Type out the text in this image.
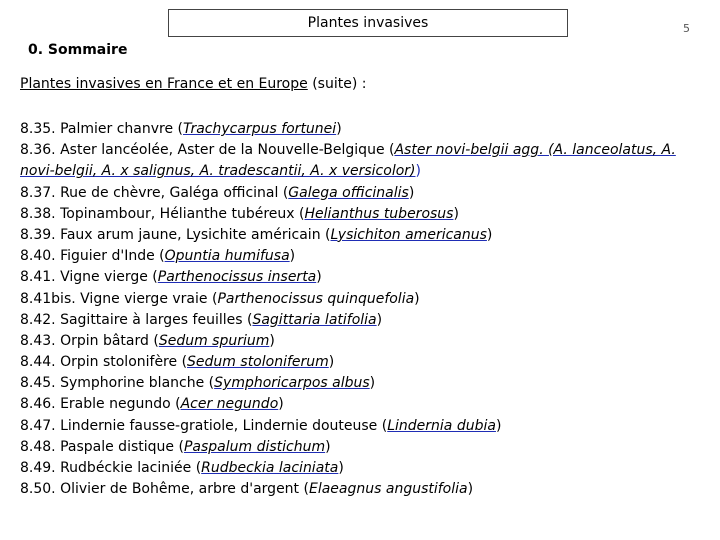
Plantes invasives	5
0. Sommaire
Plantes invasives en France et en Europe (suite) :
8.35. Palmier chanvre (Trachycarpus fortunei)
8.36. Aster lancéolée, Aster de la Nouvelle-Belgique (Aster novi-belgii agg. (A. lanceolatus, A.
novi-belgii, A. x salignus, A. tradescantii, A. x versicolor))
8.37. Rue de chèvre, Galéga officinal (Galega officinalis)
8.38. Topinambour, Hélianthe tubéreux (Helianthus tuberosus)
8.39. Faux arum jaune, Lysichite américain (Lysichiton americanus)
8.40. Figuier d'Inde (Opuntia humifusa)
8.41. Vigne vierge (Parthenocissus inserta)
8.41bis. Vigne vierge vraie (Parthenocissus quinquefolia)
8.42. Sagittaire à larges feuilles (Sagittaria latifolia)
8.43. Orpin bâtard (Sedum spurium)
8.44. Orpin stolonifère (Sedum stoloniferum)
8.45. Symphorine blanche (Symphoricarpos albus)
8.46. Erable negundo (Acer negundo)
8.47. Lindernie fausse-gratiole, Lindernie douteuse (Lindernia dubia)
8.48. Paspale distique (Paspalum distichum)
8.49. Rudbéckie laciniée (Rudbeckia laciniata)
8.50. Olivier de Bohême, arbre d'argent (Elaeagnus angustifolia)
